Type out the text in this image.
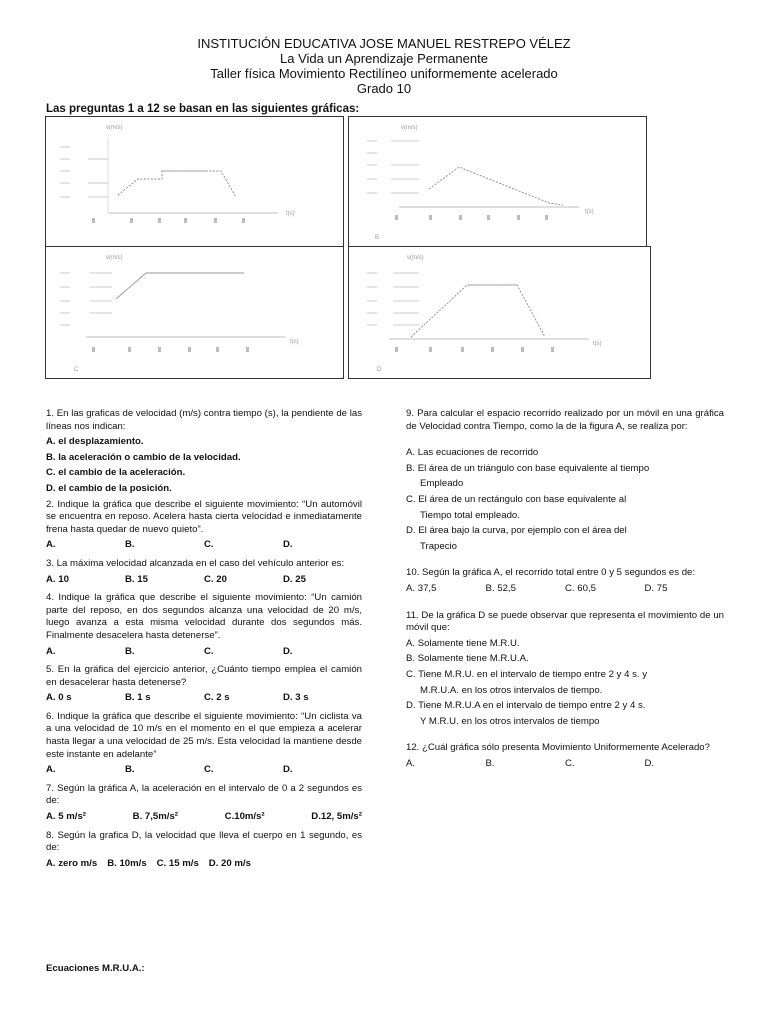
INSTITUCIÓN EDUCATIVA JOSE MANUEL RESTREPO VÉLEZ
La Vida un Aprendizaje Permanente
Taller física Movimiento Rectilíneo uniformemente acelerado
Grado 10
Las preguntas 1 a 12 se basan en las siguientes gráficas:
v(m/s)
t(s)
v(m/s)
t(s)
B
v(m/s)
t(s)
C
v(m/s)
t(s)
D

1. En las graficas de velocidad (m/s) contra tiempo (s), la pendiente de las líneas nos indican:

A. el desplazamiento.

B. la aceleración o cambio de la velocidad.

C. el cambio de la aceleración.

D. el cambio de la posición.

2. Indique la gráfica que describe el siguiente movimiento: “Un automóvil se encuentra en reposo. Acelera hasta cierta velocidad e inmediatamente frena hasta quedar de nuevo quieto”.

A.	B.	C.	D.

3. La máxima velocidad alcanzada en el caso del vehículo anterior es:

A. 10	B. 15	C. 20	D. 25

4. Indique la gráfica que describe el siguiente movimiento: “Un camión parte del reposo, en dos segundos alcanza una velocidad de 20 m/s, luego avanza a esta misma velocidad durante dos segundos más. Finalmente desacelera hasta detenerse”.

A.	B.	C.	D.

5. En la gráfica del ejercicio anterior, ¿Cuánto tiempo emplea el camión en desacelerar hasta detenerse?

A. 0 s	B. 1 s	C. 2 s	D. 3 s

6. Indique la gráfica que describe el siguiente movimiento: “Un ciclista va a una velocidad de 10 m/s en el momento en el que empieza a acelerar hasta llegar a una velocidad de 25 m/s. Esta velocidad la mantiene desde este instante en adelante”

A.	B.	C.	D.

7. Según la gráfica A, la aceleración en el intervalo de 0 a 2 segundos es de:

A. 5 m/s²	B. 7,5m/s²	C.10m/s²	D.12, 5m/s²

8. Según la grafica D, la velocidad que lleva el cuerpo en 1 segundo, es de:

A. zero m/s B. 10m/s C. 15 m/s D. 20 m/s

9. Para calcular el espacio recorrido realizado por un móvil en una gráfica de Velocidad contra Tiempo, como la de la figura A, se realiza por:

A. Las ecuaciones de recorrido

B. El área de un triángulo con base equivalente al tiempo

Empleado

C. El área de un rectángulo con base equivalente al

Tiempo total empleado.

D. El área bajo la curva, por ejemplo con el área del

Trapecio

10. Según la gráfica A, el recorrido total entre 0 y 5 segundos es de:

A. 37,5	B. 52,5	C. 60,5	D. 75

11. De la gráfica D se puede observar que representa el movimiento de un móvil que:

A. Solamente tiene M.R.U.

B. Solamente tiene M.R.U.A.

C. Tiene M.R.U. en el intervalo de tiempo entre 2 y 4 s. y

M.R.U.A. en los otros intervalos de tiempo.

D. Tiene M.R.U.A en el intervalo de tiempo entre 2 y 4 s.

Y M.R.U. en los otros intervalos de tiempo

12. ¿Cuál gráfica sólo presenta Movimiento Uniformemente Acelerado?

A.	B.	C.	D.
Ecuaciones M.R.U.A.:
